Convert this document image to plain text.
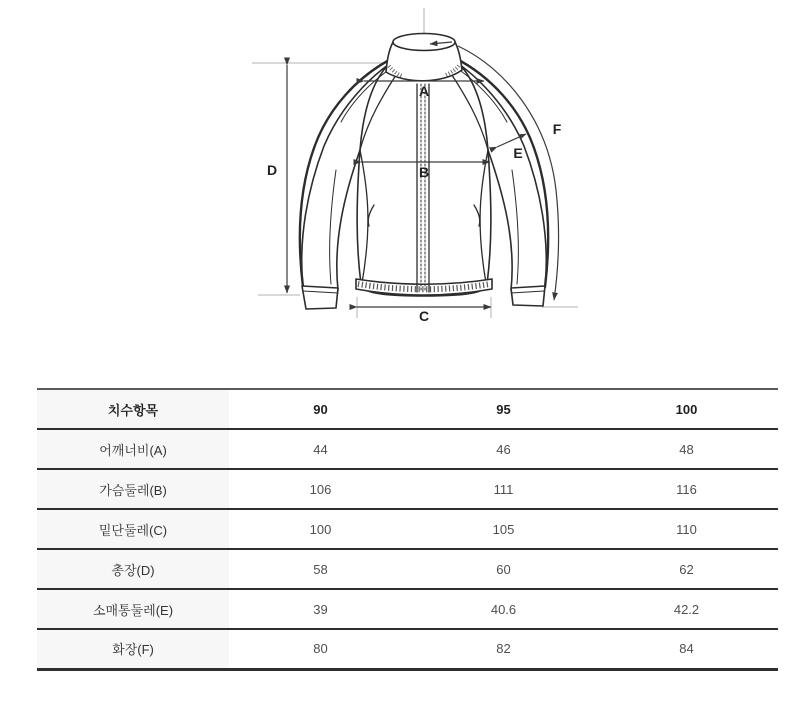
A
B
C
D
E
F
치수항목	90	95	100
어깨너비(A)	44	46	48
가슴둘레(B)	106	111	116
밑단둘레(C)	100	105	110
총장(D)	58	60	62
소매통둘레(E)	39	40.6	42.2
화장(F)	80	82	84
